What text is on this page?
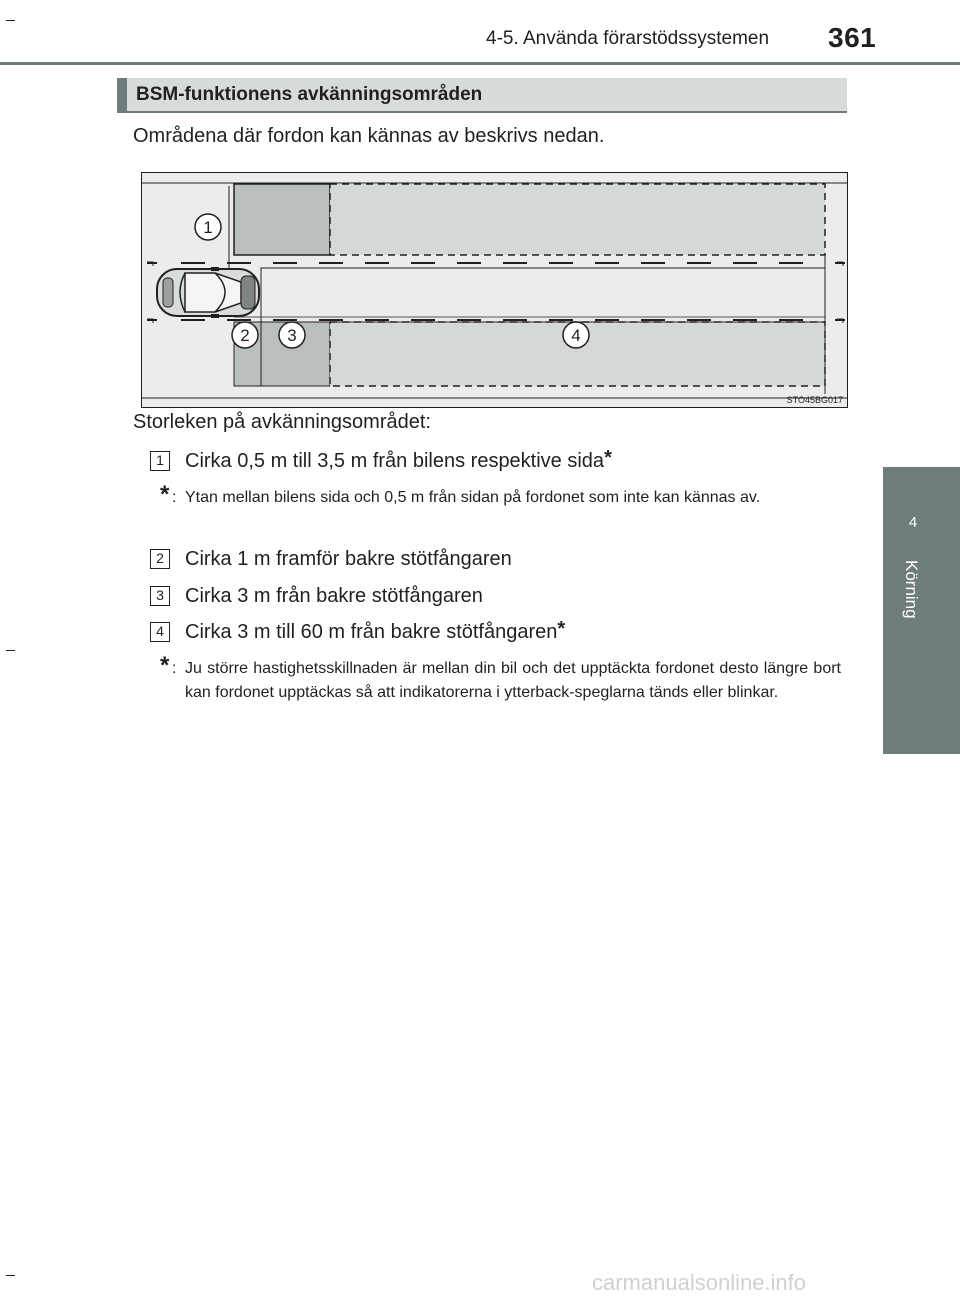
4-5. Använda förarstödssystemen 361
4
Körning
BSM-funktionens avkänningsområden
Områdena där fordon kan kännas av beskrivs nedan.
1
2 3	4
STO45BG017
Storleken på avkänningsområdet:
1	Cirka 0,5 m till 3,5 m från bilens respektive sida*
* : Ytan mellan bilens sida och 0,5 m från sidan på fordonet som inte kan kännas av.
2	Cirka 1 m framför bakre stötfångaren
3	Cirka 3 m från bakre stötfångaren
4	Cirka 3 m till 60 m från bakre stötfångaren*
* : Ju större hastighetsskillnaden är mellan din bil och det upptäckta fordonet desto längre bort kan fordonet upptäckas så att indikatorerna i ytterback-speglarna tänds eller blinkar.
carmanualsonline.info
